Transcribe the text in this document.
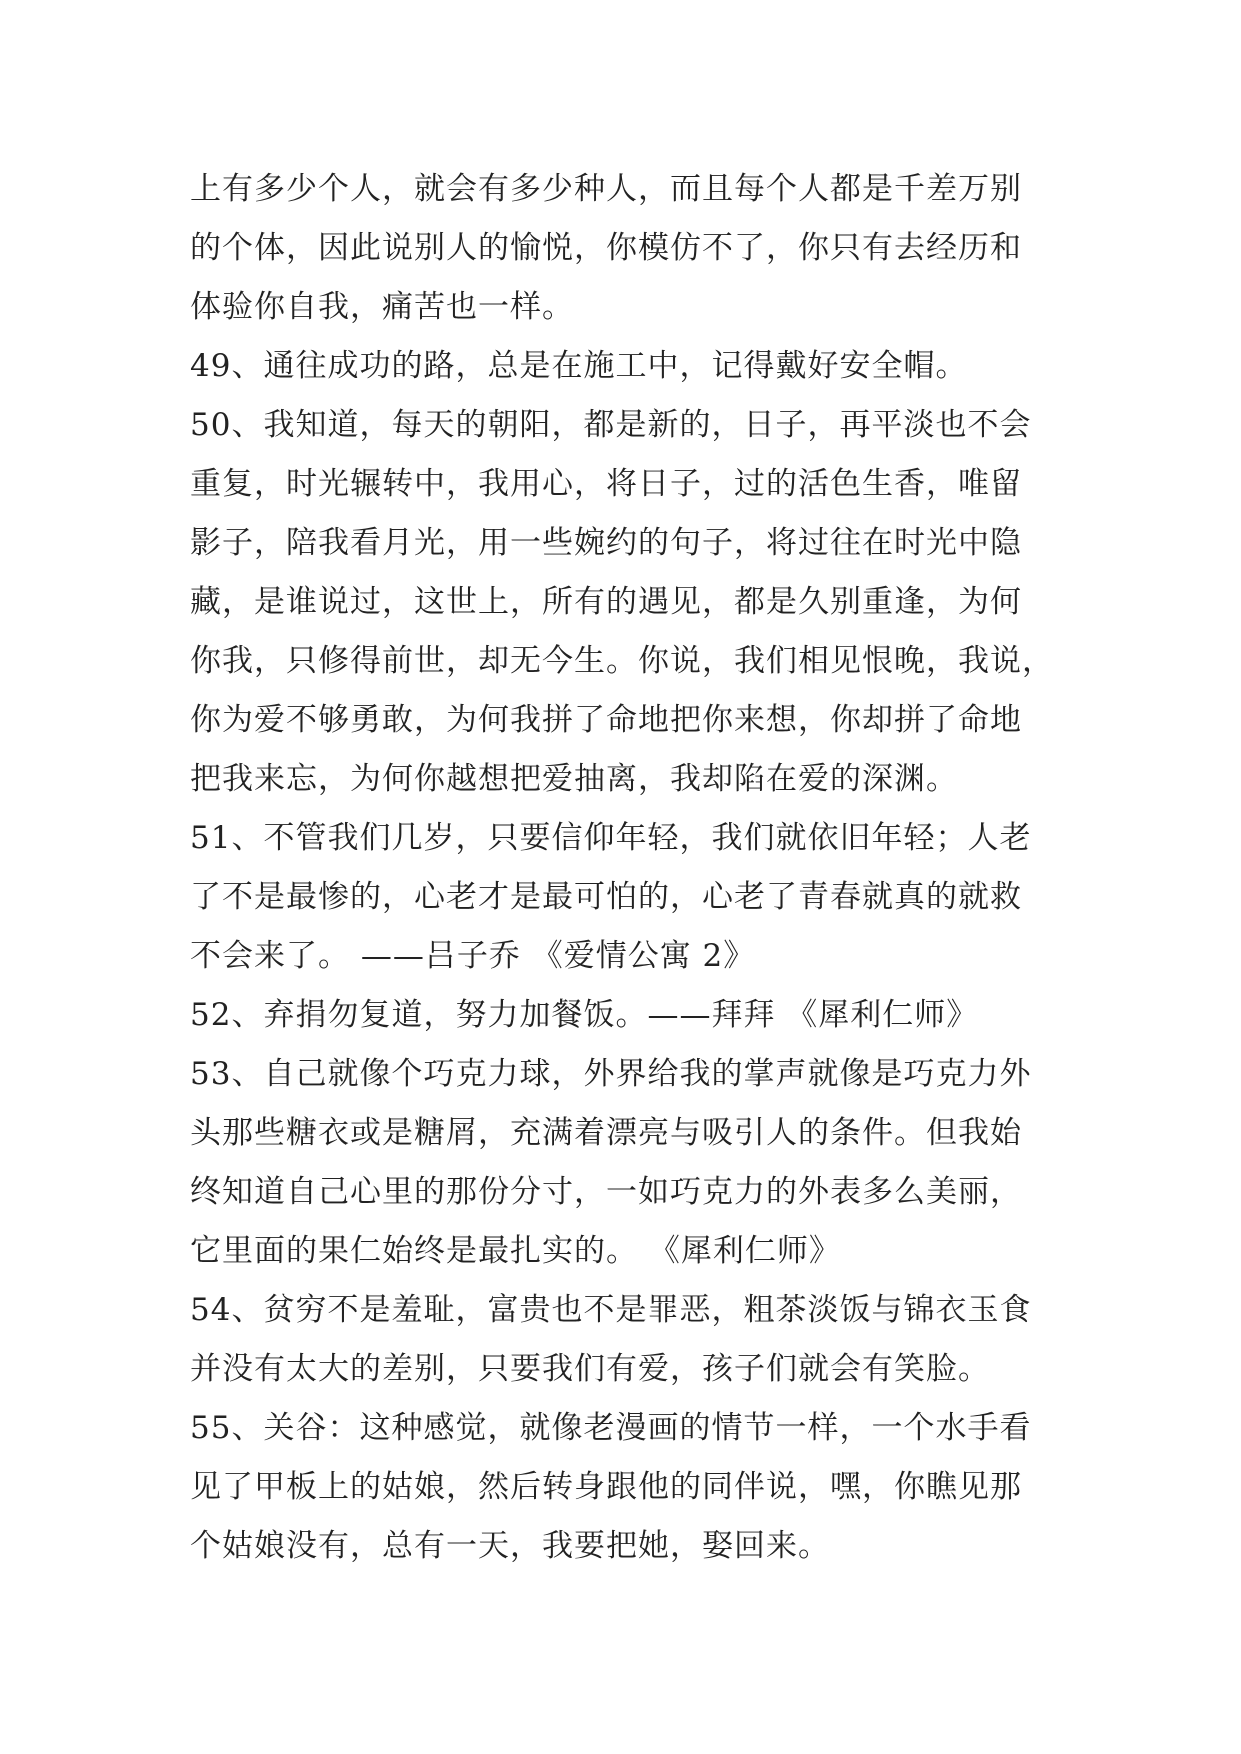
上有多少个人，就会有多少种人，而且每个人都是千差万别
的个体，因此说别人的愉悦，你模仿不了，你只有去经历和
体验你自我，痛苦也一样。
49、通往成功的路，总是在施工中，记得戴好安全帽。
50、我知道，每天的朝阳，都是新的，日子，再平淡也不会
重复，时光辗转中，我用心，将日子，过的活色生香，唯留
影子，陪我看月光，用一些婉约的句子，将过往在时光中隐
藏，是谁说过，这世上，所有的遇见，都是久别重逢，为何
你我，只修得前世，却无今生。你说，我们相见恨晚，我说，
你为爱不够勇敢，为何我拼了命地把你来想，你却拼了命地
把我来忘，为何你越想把爱抽离，我却陷在爱的深渊。
51、不管我们几岁，只要信仰年轻，我们就依旧年轻；人老
了不是最惨的，心老才是最可怕的，心老了青春就真的就救
不会来了。 ——吕子乔 《爱情公寓 2》
52、弃捐勿复道，努力加餐饭。——拜拜 《犀利仁师》
53、自己就像个巧克力球，外界给我的掌声就像是巧克力外
头那些糖衣或是糖屑，充满着漂亮与吸引人的条件。但我始
终知道自己心里的那份分寸，一如巧克力的外表多么美丽，
它里面的果仁始终是最扎实的。 《犀利仁师》
54、贫穷不是羞耻，富贵也不是罪恶，粗茶淡饭与锦衣玉食
并没有太大的差别，只要我们有爱，孩子们就会有笑脸。
55、关谷：这种感觉，就像老漫画的情节一样，一个水手看
见了甲板上的姑娘，然后转身跟他的同伴说，嘿，你瞧见那
个姑娘没有，总有一天，我要把她，娶回来。
